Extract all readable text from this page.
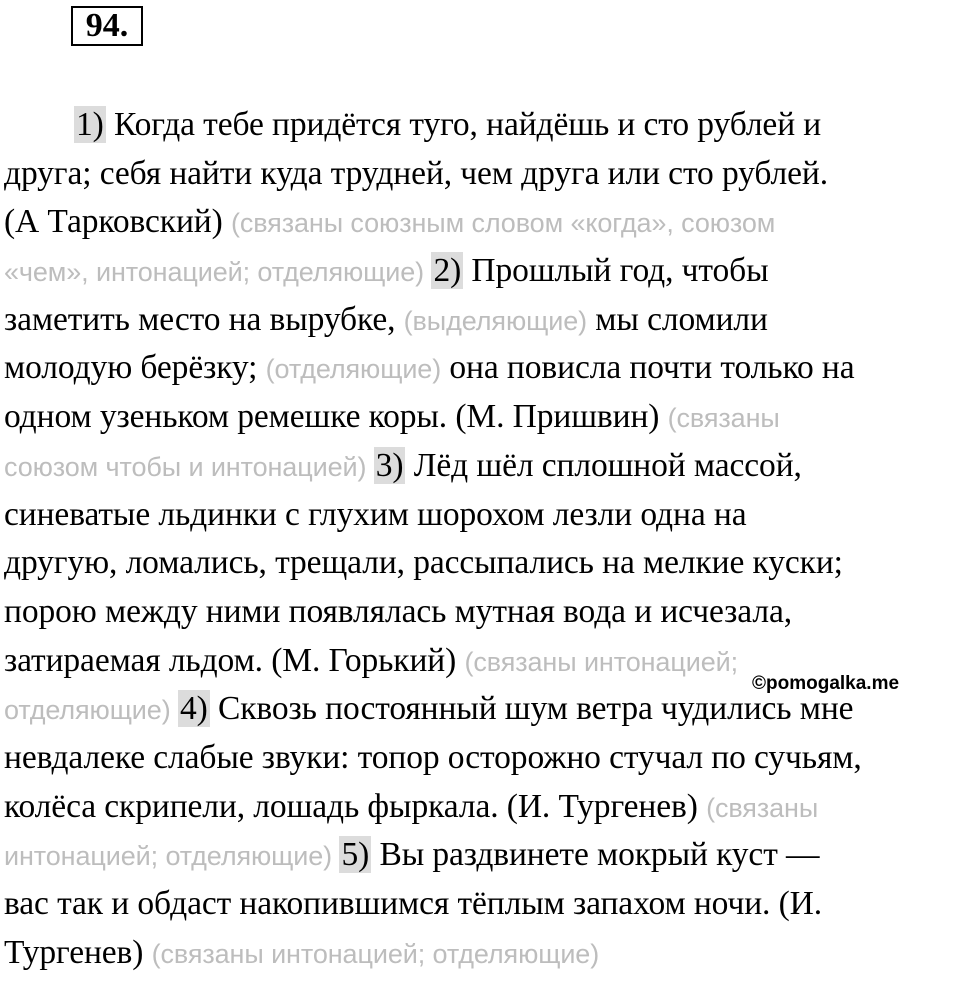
94.
1) Когда тебе придётся туго, найдёшь и сто рублей и
друга; себя найти куда трудней, чем друга или сто рублей.
(А Тарковский) (связаны союзным словом «когда», союзом
«чем», интонацией; отделяющие) 2) Прошлый год, чтобы
заметить место на вырубке, (выделяющие) мы сломили
молодую берёзку; (отделяющие) она повисла почти только на
одном узеньком ремешке коры. (М. Пришвин) (связаны
союзом чтобы и интонацией) 3) Лёд шёл сплошной массой,
синеватые льдинки с глухим шорохом лезли одна на
другую, ломались, трещали, рассыпались на мелкие куски;
порою между ними появлялась мутная вода и исчезала,
затираемая льдом. (М. Горький) (связаны интонацией;
отделяющие) 4) Сквозь постоянный шум ветра чудились мне
невдалеке слабые звуки: топор осторожно стучал по сучьям,
колёса скрипели, лошадь фыркала. (И. Тургенев) (связаны
интонацией; отделяющие) 5) Вы раздвинете мокрый куст —
вас так и обдаст накопившимся тёплым запахом ночи. (И.
Тургенев) (связаны интонацией; отделяющие)
©pomogalka.me
